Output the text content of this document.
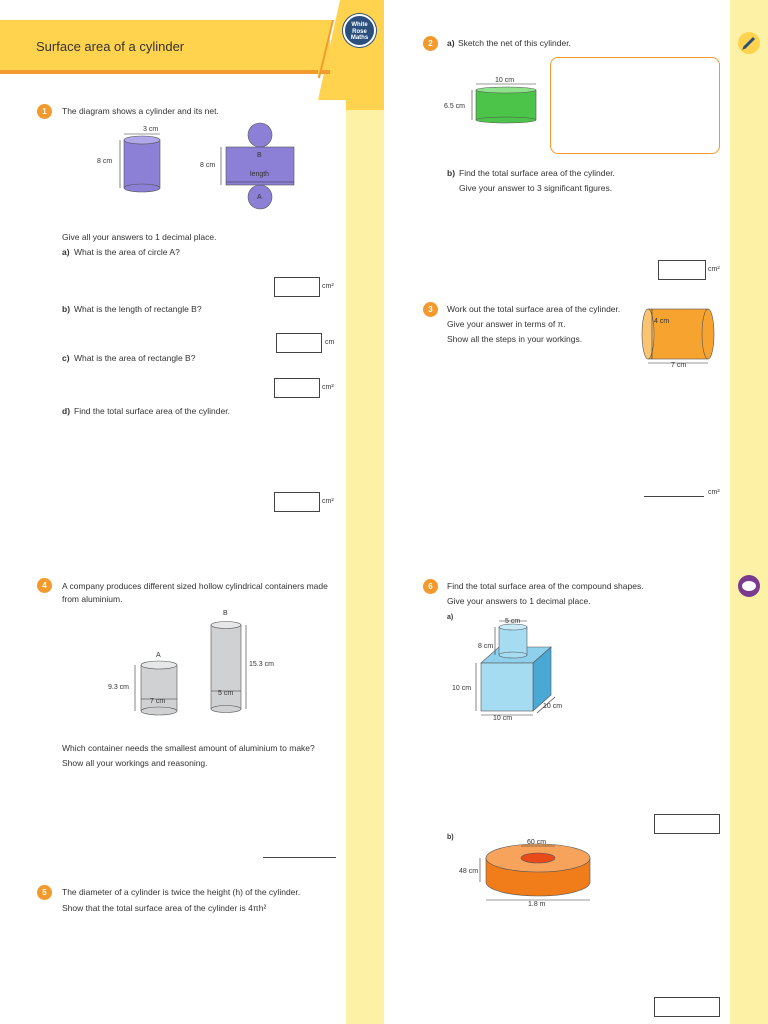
Surface area of a cylinder
White
Rose
Maths
1	The diagram shows a cylinder and its net.
3 cm
8 cm
8 cm
B
length
A
Give all your answers to 1 decimal place.
a) What is the area of circle A?
cm²
b) What is the length of rectangle B?
cm
c) What is the area of rectangle B?
cm²
d) Find the total surface area of the cylinder.
cm²
2	a) Sketch the net of this cylinder.
10 cm
6.5 cm
b) Find the total surface area of the cylinder.
Give your answer to 3 significant figures.
cm²
3	Work out the total surface area of the cylinder.
Give your answer in terms of π.
Show all the steps in your workings.
4 cm
7 cm
cm²
4	A company produces different sized hollow cylindrical containers made
from aluminium.
A
B
9.3 cm
7 cm
15.3 cm
5 cm
Which container needs the smallest amount of aluminium to make?
Show all your workings and reasoning.
5	The diameter of a cylinder is twice the height (h) of the cylinder.
Show that the total surface area of the cylinder is 4πh²
6	Find the total surface area of the compound shapes.
Give your answers to 1 decimal place.
a)
5 cm
8 cm
10 cm
10 cm
10 cm
b)
60 cm
48 cm
1.8 m
